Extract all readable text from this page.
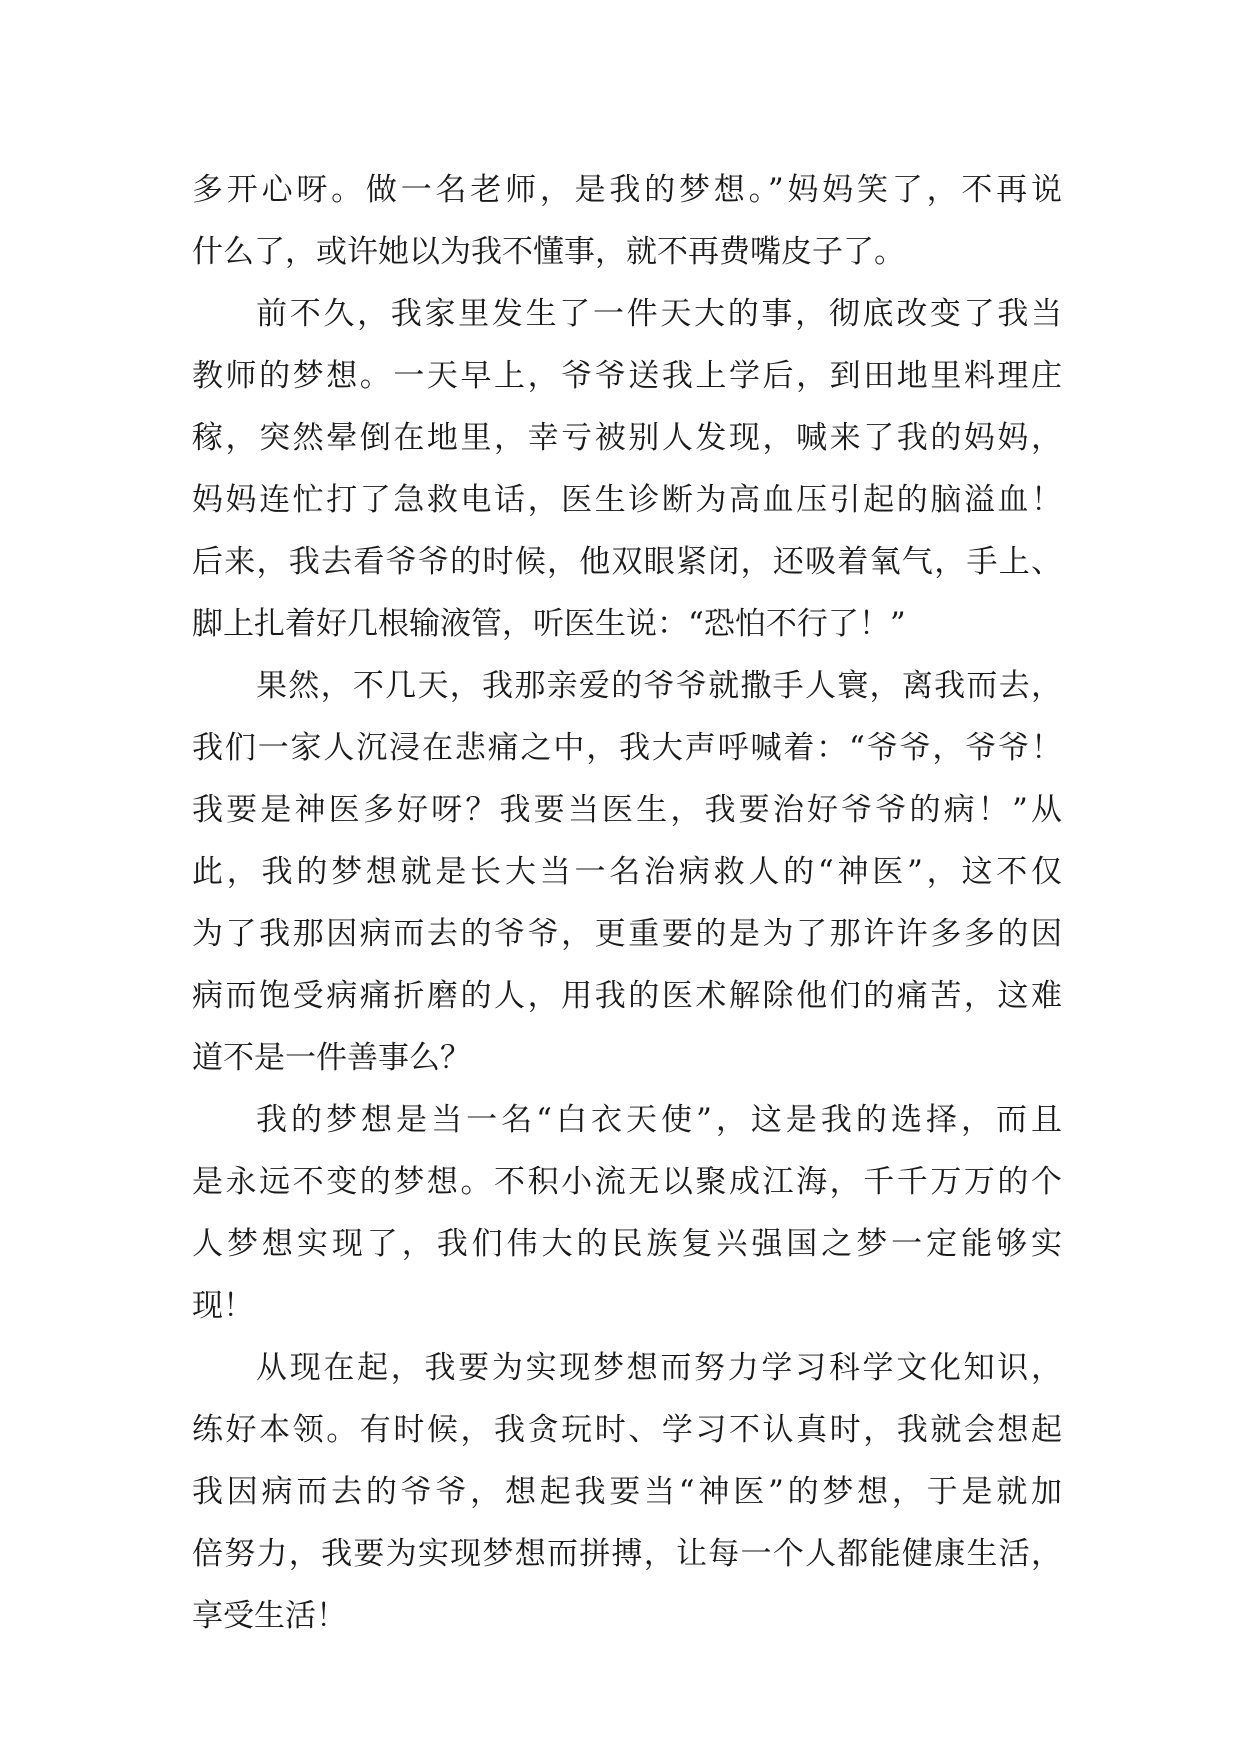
多开心呀。做一名老师，是我的梦想。”妈妈笑了，不再说
什么了，或许她以为我不懂事，就不再费嘴皮子了。
前不久，我家里发生了一件天大的事，彻底改变了我当
教师的梦想。一天早上，爷爷送我上学后，到田地里料理庄
稼，突然晕倒在地里，幸亏被别人发现，喊来了我的妈妈，
妈妈连忙打了急救电话，医生诊断为高血压引起的脑溢血！
后来，我去看爷爷的时候，他双眼紧闭，还吸着氧气，手上、
脚上扎着好几根输液管，听医生说：“恐怕不行了！”
果然，不几天，我那亲爱的爷爷就撒手人寰，离我而去，
我们一家人沉浸在悲痛之中，我大声呼喊着：“爷爷，爷爷！
我要是神医多好呀？我要当医生，我要治好爷爷的病！”从
此，我的梦想就是长大当一名治病救人的“神医”，这不仅
为了我那因病而去的爷爷，更重要的是为了那许许多多的因
病而饱受病痛折磨的人，用我的医术解除他们的痛苦，这难
道不是一件善事么？
我的梦想是当一名“白衣天使”，这是我的选择，而且
是永远不变的梦想。不积小流无以聚成江海，千千万万的个
人梦想实现了，我们伟大的民族复兴强国之梦一定能够实
现！
从现在起，我要为实现梦想而努力学习科学文化知识，
练好本领。有时候，我贪玩时、学习不认真时，我就会想起
我因病而去的爷爷，想起我要当“神医”的梦想，于是就加
倍努力，我要为实现梦想而拼搏，让每一个人都能健康生活，
享受生活！
